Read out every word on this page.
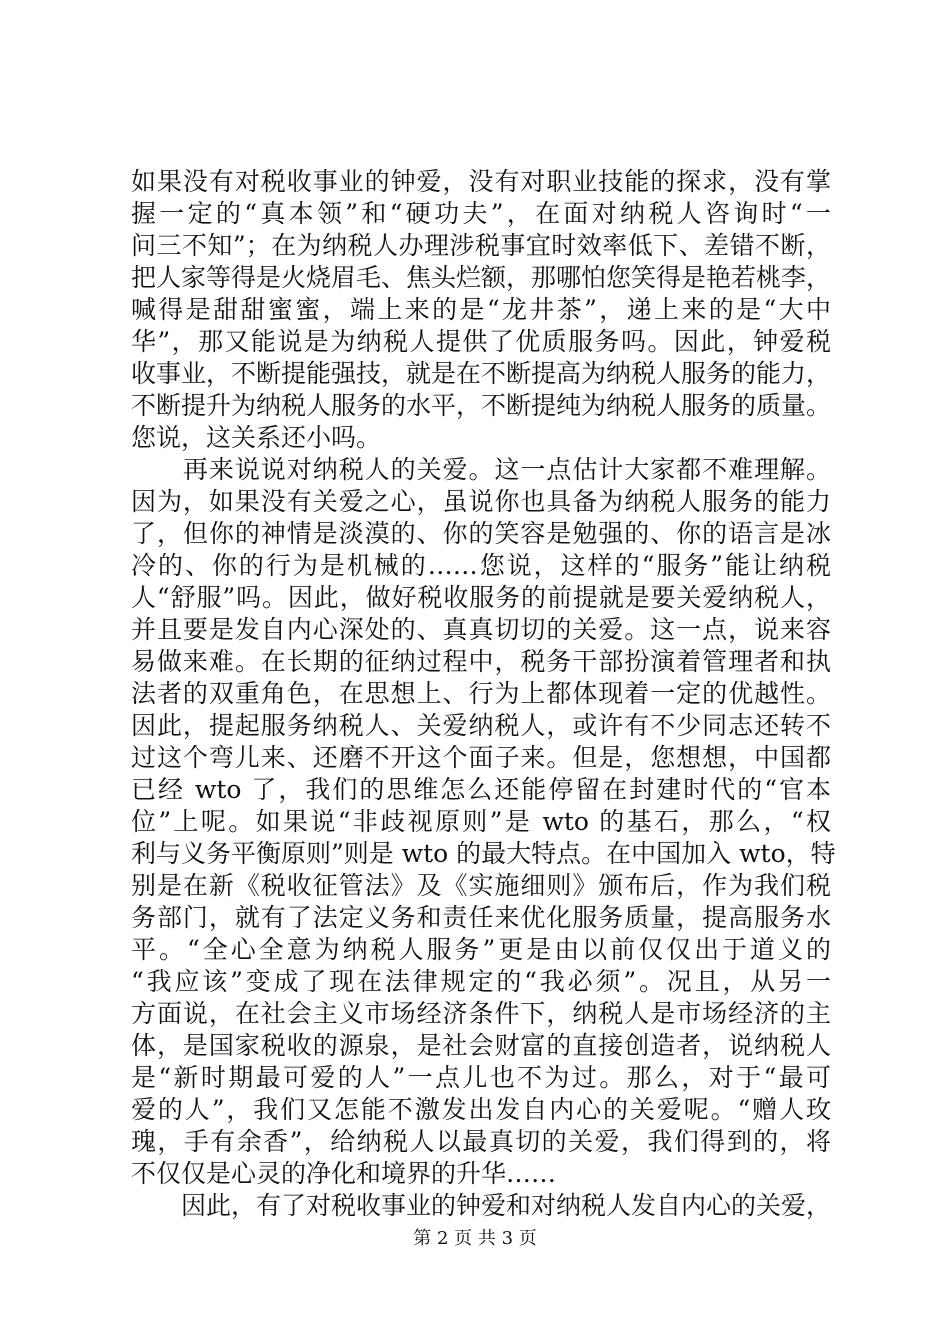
如果没有对税收事业的钟爱，没有对职业技能的探求，没有掌
握一定的“真本领”和“硬功夫”，在面对纳税人咨询时“一
问三不知”；在为纳税人办理涉税事宜时效率低下、差错不断，
把人家等得是火烧眉毛、焦头烂额，那哪怕您笑得是艳若桃李，
喊得是甜甜蜜蜜，端上来的是“龙井茶”，递上来的是“大中
华”，那又能说是为纳税人提供了优质服务吗。因此，钟爱税
收事业，不断提能强技，就是在不断提高为纳税人服务的能力，
不断提升为纳税人服务的水平，不断提纯为纳税人服务的质量。
您说，这关系还小吗。
　　再来说说对纳税人的关爱。这一点估计大家都不难理解。
因为，如果没有关爱之心，虽说你也具备为纳税人服务的能力
了，但你的神情是淡漠的、你的笑容是勉强的、你的语言是冰
冷的、你的行为是机械的……您说，这样的“服务”能让纳税
人“舒服”吗。因此，做好税收服务的前提就是要关爱纳税人，
并且要是发自内心深处的、真真切切的关爱。这一点，说来容
易做来难。在长期的征纳过程中，税务干部扮演着管理者和执
法者的双重角色，在思想上、行为上都体现着一定的优越性。
因此，提起服务纳税人、关爱纳税人，或许有不少同志还转不
过这个弯儿来、还磨不开这个面子来。但是，您想想，中国都
已经 wto 了，我们的思维怎么还能停留在封建时代的“官本
位”上呢。如果说“非歧视原则”是 wto 的基石，那么，“权
利与义务平衡原则”则是 wto 的最大特点。在中国加入 wto，特
别是在新《税收征管法》及《实施细则》颁布后，作为我们税
务部门，就有了法定义务和责任来优化服务质量，提高服务水
平。“全心全意为纳税人服务”更是由以前仅仅出于道义的
“我应该”变成了现在法律规定的“我必须”。况且，从另一
方面说，在社会主义市场经济条件下，纳税人是市场经济的主
体，是国家税收的源泉，是社会财富的直接创造者，说纳税人
是“新时期最可爱的人”一点儿也不为过。那么，对于“最可
爱的人”，我们又怎能不激发出发自内心的关爱呢。“赠人玫
瑰，手有余香”，给纳税人以最真切的关爱，我们得到的，将
不仅仅是心灵的净化和境界的升华……
　　因此，有了对税收事业的钟爱和对纳税人发自内心的关爱，
第 2 页 共 3 页
